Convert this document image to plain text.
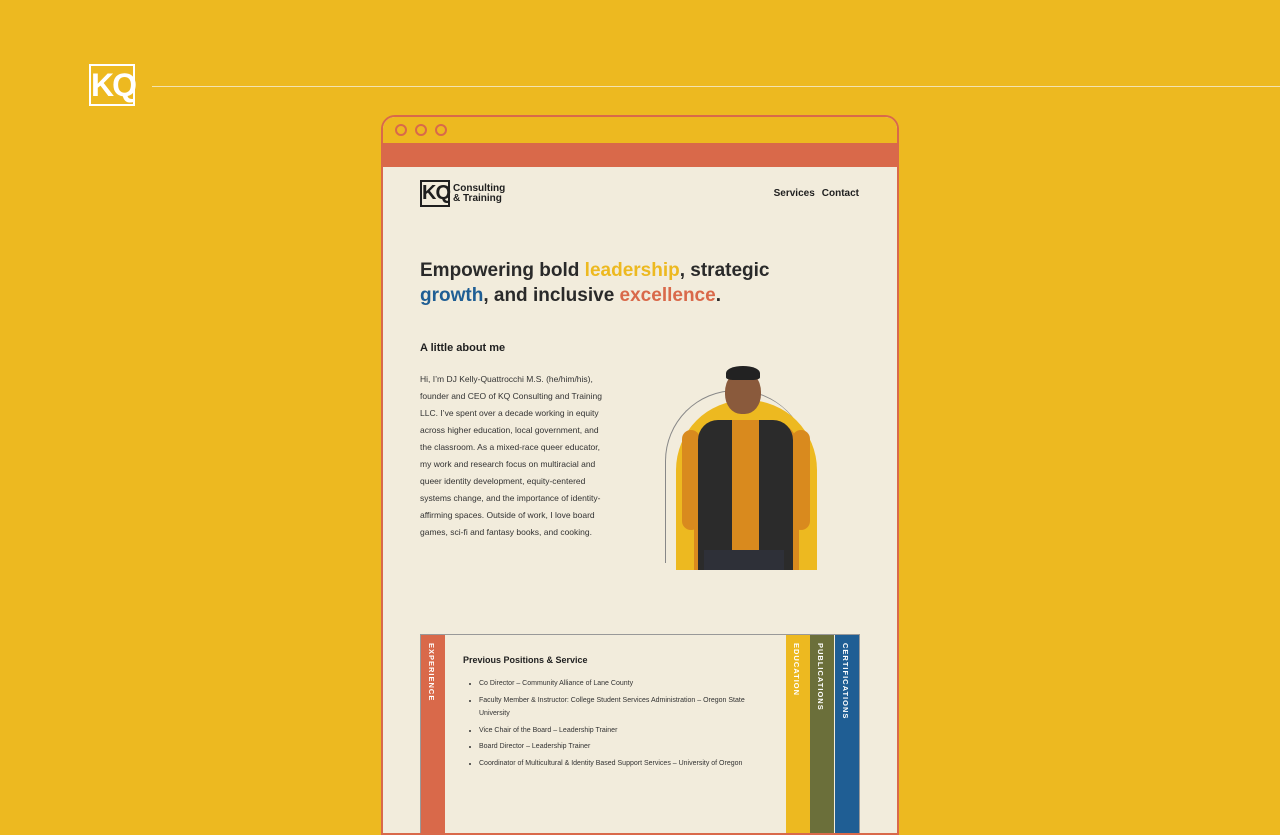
KQ
KQ Consulting
& Training	Services Contact
Empowering bold leadership, strategic growth, and inclusive excellence.
A little about me
Hi, I’m DJ Kelly-Quattrocchi M.S. (he/him/his), founder and CEO of KQ Consulting and Training LLC. I’ve spent over a decade working in equity across higher education, local government, and the classroom. As a mixed-race queer educator, my work and research focus on multiracial and queer identity development, equity-centered systems change, and the importance of identity-affirming spaces. Outside of work, I love board games, sci-fi and fantasy books, and cooking.
EXPERIENCE	Previous Positions & Service
• Co Director – Community Alliance of Lane County
• Faculty Member & Instructor: College Student Services Administration – Oregon State University
• Vice Chair of the Board – Leadership Trainer
• Board Director – Leadership Trainer
• Coordinator of Multicultural & Identity Based Support Services – University of Oregon
EDUCATION PUBLICATIONS CERTIFICATIONS
